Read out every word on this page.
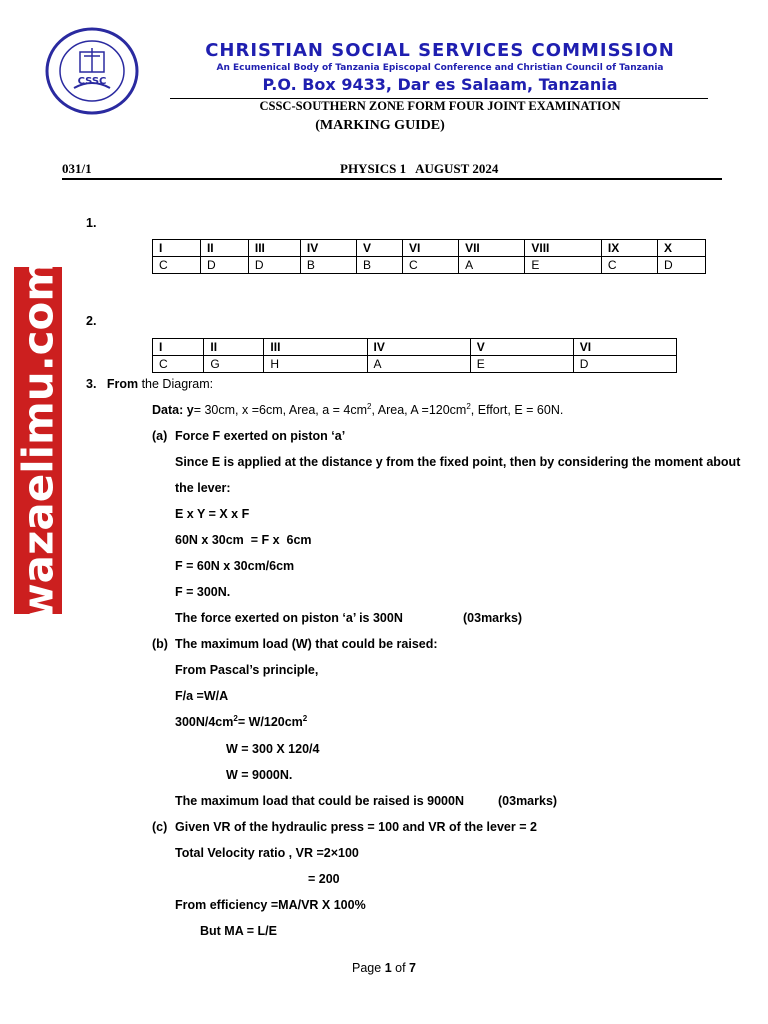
CSSC
CHRISTIAN SOCIAL SERVICES COMMISSION
An Ecumenical Body of Tanzania Episcopal Conference and Christian Council of Tanzania
P.O. Box 9433, Dar es Salaam, Tanzania
CSSC-SOUTHERN ZONE FORM FOUR JOINT EXAMINATION
(MARKING GUIDE)
031/1	PHYSICS 1   AUGUST 2024
wazaelimu.com
1.
I	II	III	IV	V	VI	VII	VIII	IX	X
C	D	D	B	B	C	A	E	C	D
2.
I	II	III	IV	V	VI
C	G	H	A	E	D
3. From the Diagram:
Data: y= 30cm, x =6cm, Area, $a = 4cm^2$, Area, $A =120cm^2$, Effort, E = 60N.
(a) Force F exerted on piston ‘a’
Since E is applied at the distance y from the fixed point, then by considering the moment about
the lever:
E x Y = X x F
60N x 30cm  = F x  6cm
F = 60N x 30cm/6cm
F = 300N.
The force exerted on piston ‘a’ is 300N	(03marks)
(b) The maximum load (W) that could be raised:
From Pascal’s principle,
F/a =W/A
$300N/4cm^2= W/120cm^2$
W = 300 X 120/4
W = 9000N.
The maximum load that could be raised is 9000N	(03marks)
(c) Given VR of the hydraulic press = 100 and VR of the lever = 2
Total Velocity ratio , VR =2×100
= 200
From efficiency =MA/VR X 100%
But MA = L/E
Page 1 of 7
